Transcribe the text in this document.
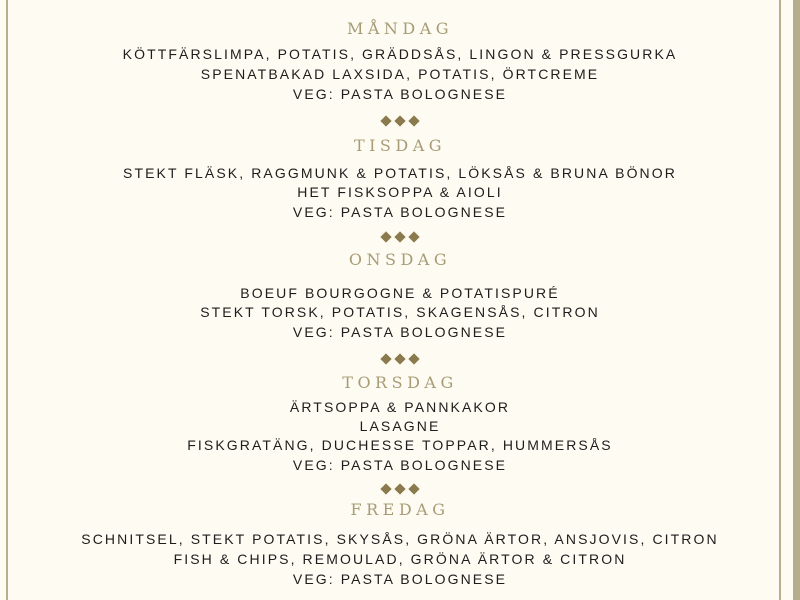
MÅNDAG
KÖTTFÄRSLIMPA, POTATIS, GRÄDDSÅS, LINGON & PRESSGURKA
SPENATBAKAD LAXSIDA, POTATIS, ÖRTCREME
VEG: PASTA BOLOGNESE
TISDAG
STEKT FLÄSK, RAGGMUNK & POTATIS, LÖKSÅS & BRUNA BÖNOR
HET FISKSOPPA & AIOLI
VEG: PASTA BOLOGNESE
ONSDAG
BOEUF BOURGOGNE & POTATISPURÉ
STEKT TORSK, POTATIS, SKAGENSÅS, CITRON
VEG: PASTA BOLOGNESE
TORSDAG
ÄRTSOPPA & PANNKAKOR
LASAGNE
FISKGRATÄNG, DUCHESSE TOPPAR, HUMMERSÅS
VEG: PASTA BOLOGNESE
FREDAG
SCHNITSEL, STEKT POTATIS, SKYSÅS, GRÖNA ÄRTOR, ANSJOVIS, CITRON
FISH & CHIPS, REMOULAD, GRÖNA ÄRTOR & CITRON
VEG: PASTA BOLOGNESE
